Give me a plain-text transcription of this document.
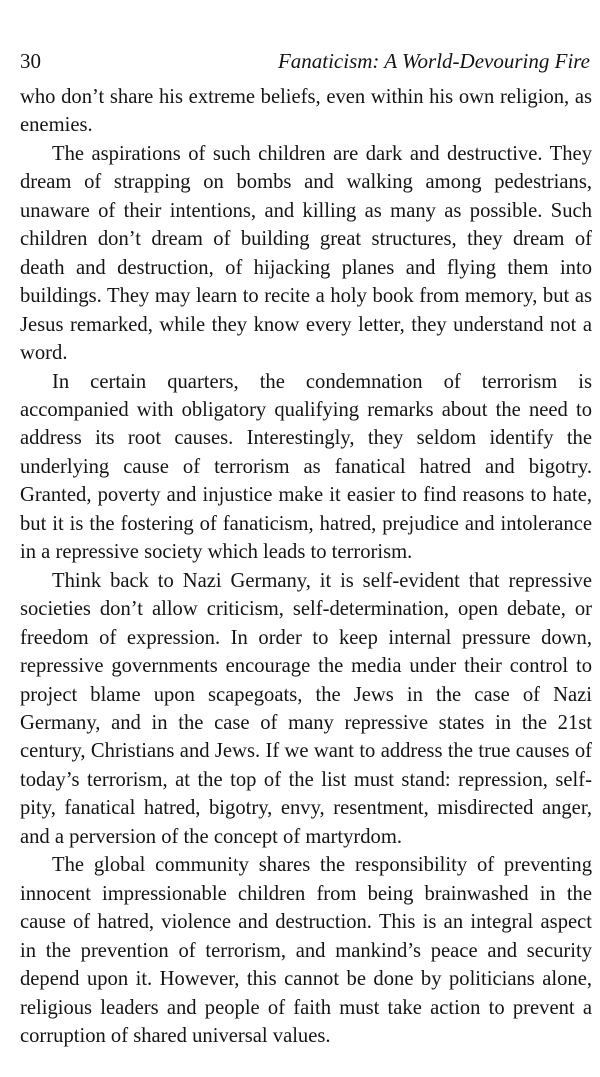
30	Fanaticism: A World-Devouring Fire

who don’t share his extreme beliefs, even within his own religion, as enemies.

The aspirations of such children are dark and destructive. They dream of strapping on bombs and walking among pedestrians, unaware of their intentions, and killing as many as possible. Such children don’t dream of building great structures, they dream of death and destruction, of hijacking planes and flying them into buildings. They may learn to recite a holy book from memory, but as Jesus remarked, while they know every letter, they understand not a word.

In certain quarters, the condemnation of terrorism is accompanied with obligatory qualifying remarks about the need to address its root causes. Interestingly, they seldom identify the underlying cause of terrorism as fanatical hatred and bigotry. Granted, poverty and injustice make it easier to find reasons to hate, but it is the fostering of fanaticism, hatred, prejudice and intolerance in a repressive society which leads to terrorism.

Think back to Nazi Germany, it is self-evident that repressive societies don’t allow criticism, self-determination, open debate, or freedom of expression. In order to keep internal pressure down, repressive governments encourage the media under their control to project blame upon scapegoats, the Jews in the case of Nazi Germany, and in the case of many repressive states in the 21st century, Christians and Jews. If we want to address the true causes of today’s terrorism, at the top of the list must stand: repression, self-pity, fanatical hatred, bigotry, envy, resentment, misdirected anger, and a perversion of the concept of martyrdom.

The global community shares the responsibility of preventing innocent impressionable children from being brainwashed in the cause of hatred, violence and destruction. This is an integral aspect in the prevention of terrorism, and mankind’s peace and security depend upon it. However, this cannot be done by politicians alone, religious leaders and people of faith must take action to prevent a corruption of shared universal values.
